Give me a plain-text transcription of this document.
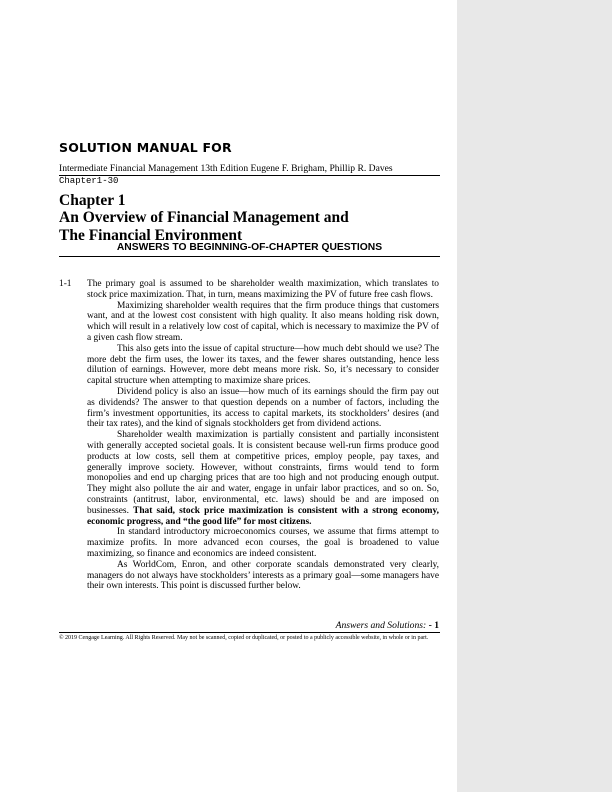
SOLUTION MANUAL FOR
Intermediate Financial Management 13th Edition Eugene F. Brigham, Phillip R. Daves
Chapter1-30
Chapter 1
An Overview of Financial Management and
The Financial Environment
ANSWERS TO BEGINNING-OF-CHAPTER QUESTIONS
1-1 The primary goal is assumed to be shareholder wealth maximization, which translates to stock price maximization. That, in turn, means maximizing the PV of future free cash flows.

Maximizing shareholder wealth requires that the firm produce things that customers want, and at the lowest cost consistent with high quality. It also means holding risk down, which will result in a relatively low cost of capital, which is necessary to maximize the PV of a given cash flow stream.

This also gets into the issue of capital structure—how much debt should we use? The more debt the firm uses, the lower its taxes, and the fewer shares outstanding, hence less dilution of earnings. However, more debt means more risk. So, it’s necessary to consider capital structure when attempting to maximize share prices.

Dividend policy is also an issue—how much of its earnings should the firm pay out as dividends? The answer to that question depends on a number of factors, including the firm’s investment opportunities, its access to capital markets, its stockholders’ desires (and their tax rates), and the kind of signals stockholders get from dividend actions.

Shareholder wealth maximization is partially consistent and partially inconsistent with generally accepted societal goals. It is consistent because well-run firms produce good products at low costs, sell them at competitive prices, employ people, pay taxes, and generally improve society. However, without constraints, firms would tend to form monopolies and end up charging prices that are too high and not producing enough output. They might also pollute the air and water, engage in unfair labor practices, and so on. So, constraints (antitrust, labor, environmental, etc. laws) should be and are imposed on businesses. That said, stock price maximization is consistent with a strong economy, economic progress, and “the good life” for most citizens.

In standard introductory microeconomics courses, we assume that firms attempt to maximize profits. In more advanced econ courses, the goal is broadened to value maximizing, so finance and economics are indeed consistent.

As WorldCom, Enron, and other corporate scandals demonstrated very clearly, managers do not always have stockholders’ interests as a primary goal—some managers have their own interests. This point is discussed further below.

Answers and Solutions: - 1
© 2019 Cengage Learning. All Rights Reserved. May not be scanned, copied or duplicated, or posted to a publicly accessible website, in whole or in part.
